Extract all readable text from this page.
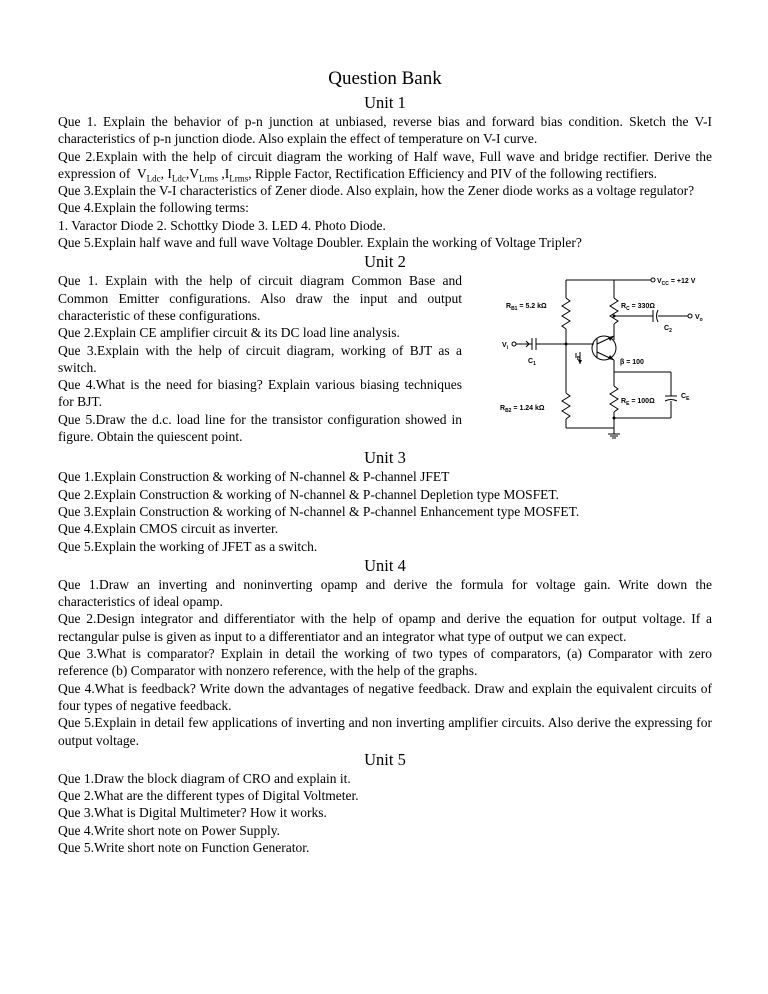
Question Bank

Unit 1

Que 1. Explain the behavior of p-n junction at unbiased, reverse bias and forward bias condition. Sketch the V-I characteristics of p-n junction diode. Also explain the effect of temperature on V-I curve.

Que 2.Explain with the help of circuit diagram the working of Half wave, Full wave and bridge rectifier. Derive the expression of $V_{Ldc}$, $I_{Ldc},V_{Lrms}$ $,I_{Lrms}$, Ripple Factor, Rectification Efficiency and PIV of the following rectifiers.

Que 3.Explain the V-I characteristics of Zener diode. Also explain, how the Zener diode works as a voltage regulator?

Que 4.Explain the following terms:

1. Varactor Diode 2. Schottky Diode 3. LED 4. Photo Diode.

Que 5.Explain half wave and full wave Voltage Doubler. Explain the working of Voltage Tripler?

Unit 2

Que 1. Explain with the help of circuit diagram Common Base and Common Emitter configurations. Also draw the input and output characteristic of these configurations.

Que 2.Explain CE amplifier circuit & its DC load line analysis.

Que 3.Explain with the help of circuit diagram, working of BJT as a switch.

Que 4.What is the need for biasing? Explain various biasing techniques for BJT.

Que 5.Draw the d.c. load line for the transistor configuration showed in figure. Obtain the quiescent point.

$V_{CC} = +12$ V
$R_{B1} = 5.2$ kΩ	$R_C = 330\Omega$
$C_2$
$V_o$
$V_i$
$C_1$
$I_B$	β = 100
$R_{B2} = 1.24$ kΩ
$R_E = 100\Omega$
$C_E$

Unit 3

Que 1.Explain Construction & working of N-channel & P-channel JFET

Que 2.Explain Construction & working of N-channel & P-channel Depletion type MOSFET.

Que 3.Explain Construction & working of N-channel & P-channel Enhancement type MOSFET.

Que 4.Explain CMOS circuit as inverter.

Que 5.Explain the working of JFET as a switch.

Unit 4

Que 1.Draw an inverting and noninverting opamp and derive the formula for voltage gain. Write down the characteristics of ideal opamp.

Que 2.Design integrator and differentiator with the help of opamp and derive the equation for output voltage. If a rectangular pulse is given as input to a differentiator and an integrator what type of output we can expect.

Que 3.What is comparator? Explain in detail the working of two types of comparators, (a) Comparator with zero reference (b) Comparator with nonzero reference, with the help of the graphs.

Que 4.What is feedback? Write down the advantages of negative feedback. Draw and explain the equivalent circuits of four types of negative feedback.

Que 5.Explain in detail few applications of inverting and non inverting amplifier circuits. Also derive the expressing for output voltage.

Unit 5

Que 1.Draw the block diagram of CRO and explain it.

Que 2.What are the different types of Digital Voltmeter.

Que 3.What is Digital Multimeter? How it works.

Que 4.Write short note on Power Supply.

Que 5.Write short note on Function Generator.
